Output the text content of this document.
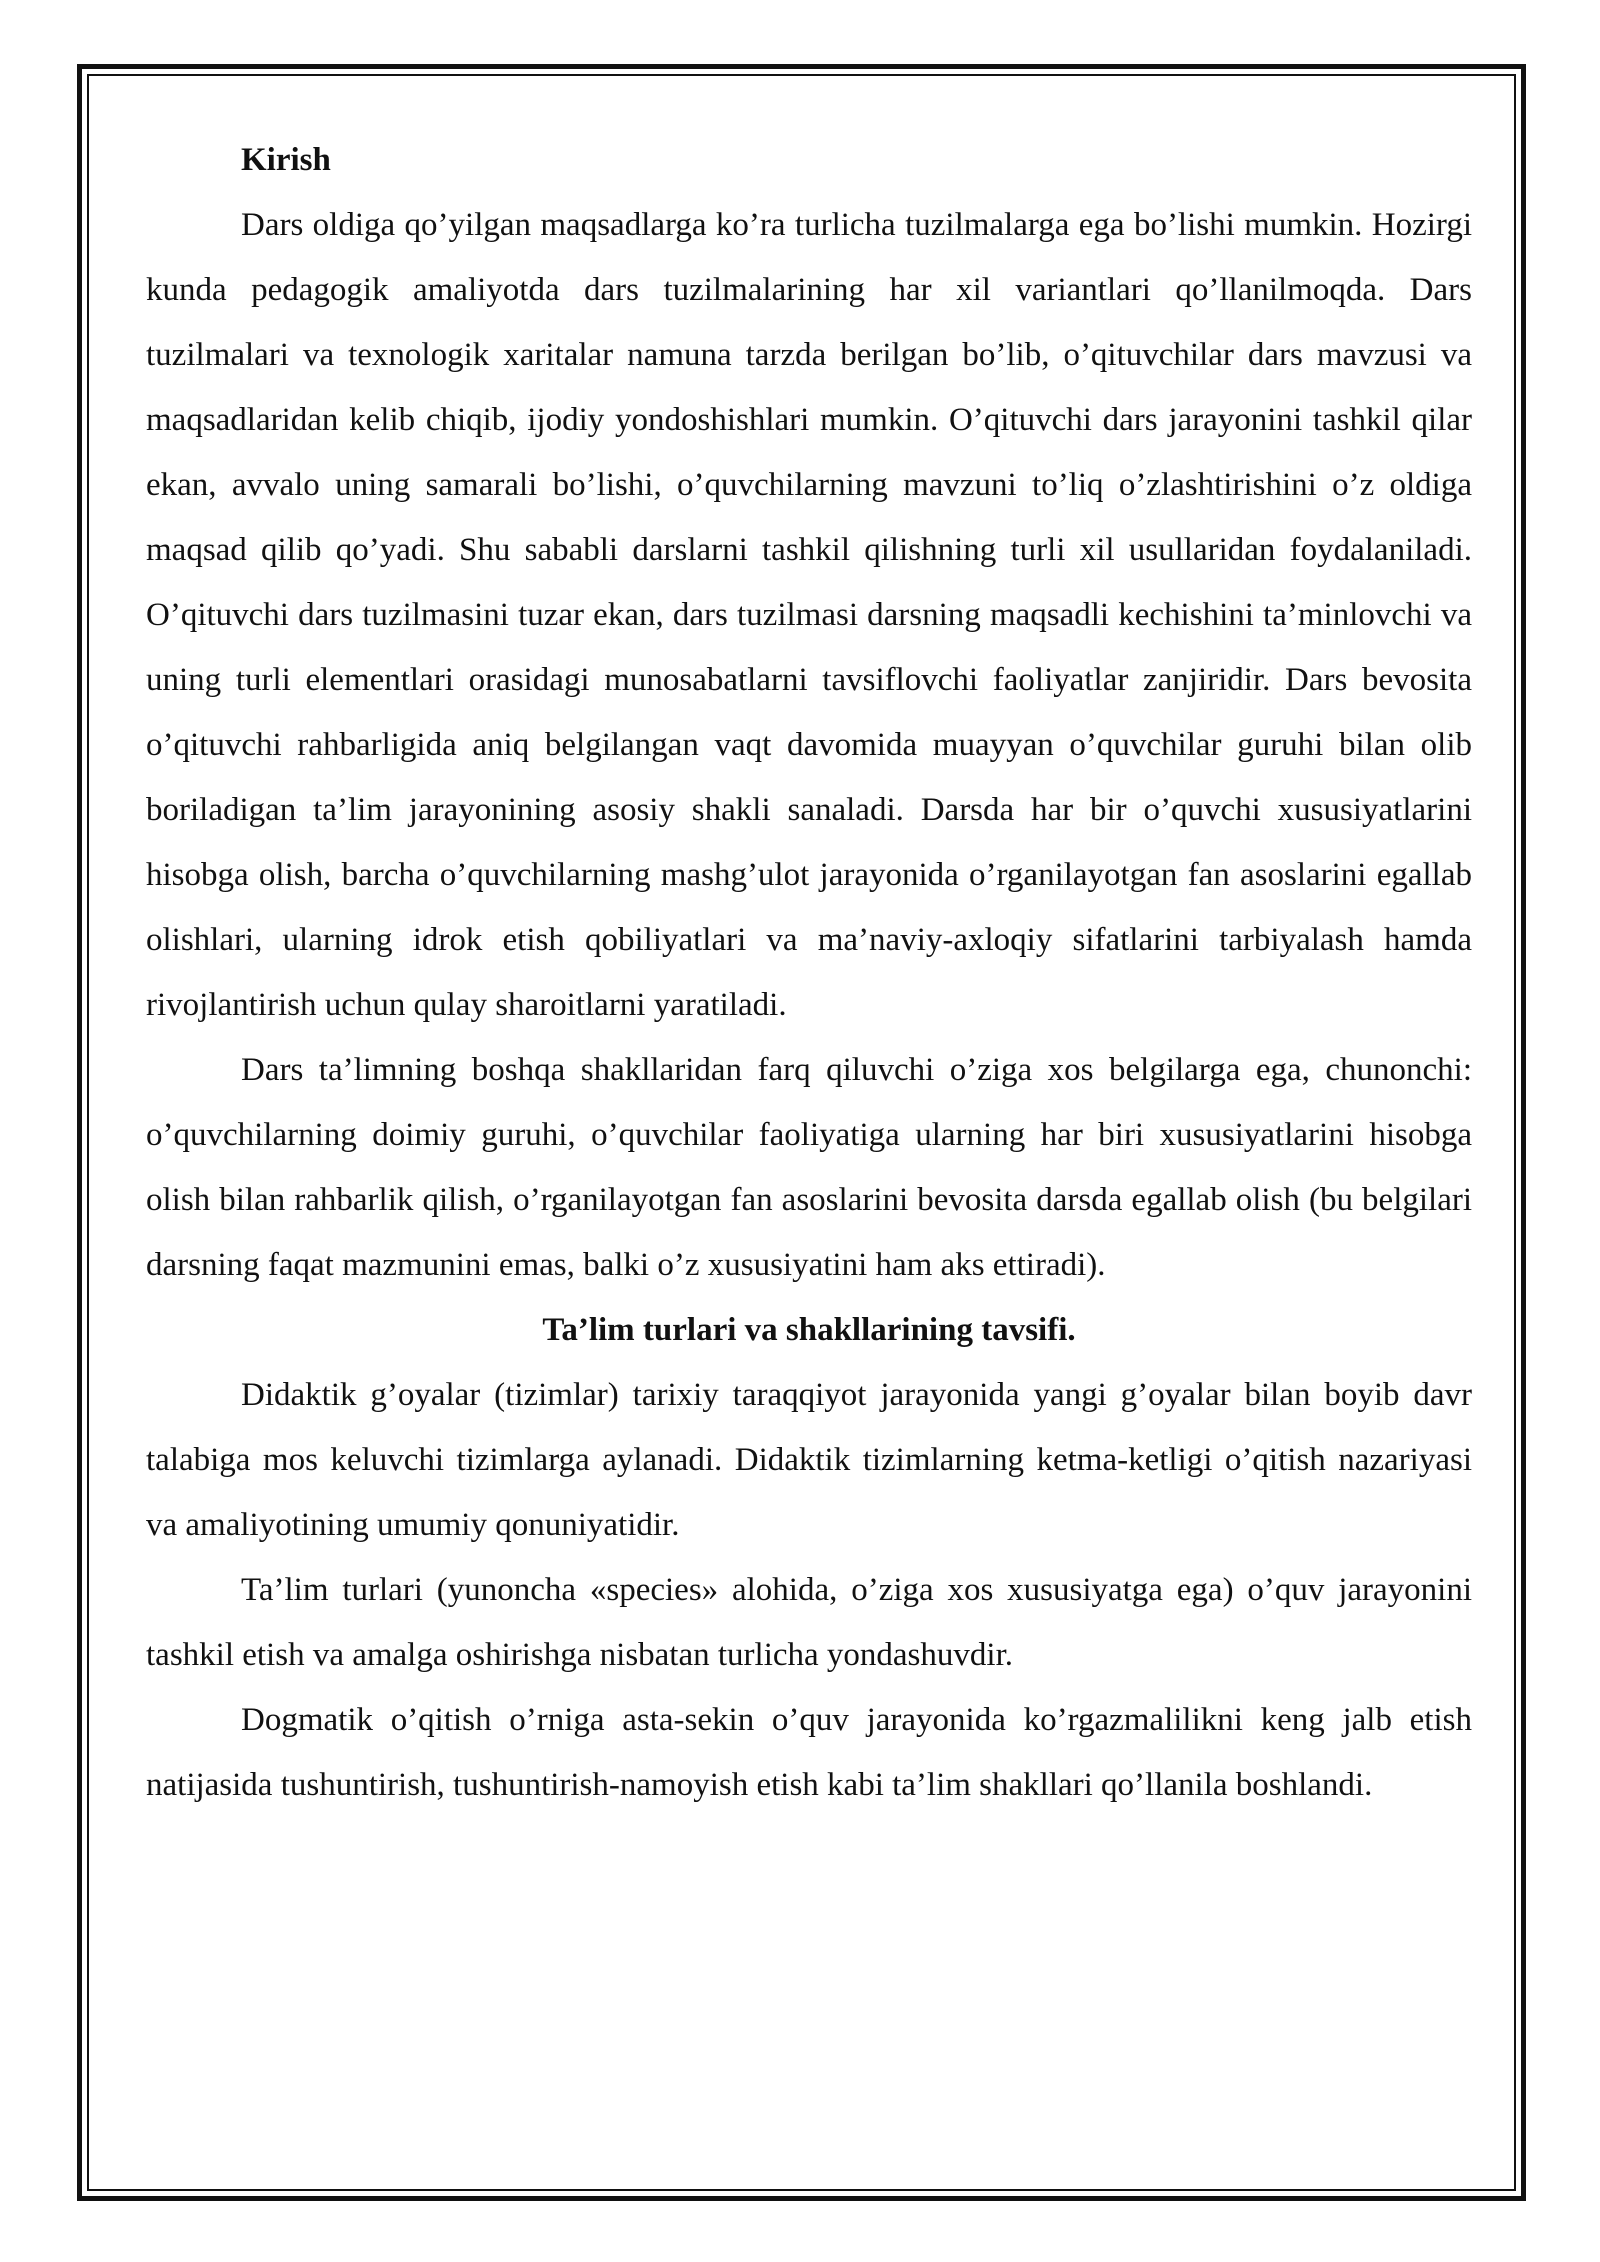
Kirish

Dars oldiga qo’yilgan maqsadlarga ko’ra turlicha tuzilmalarga ega bo’lishi mumkin. Hozirgi kunda pedagogik amaliyotda dars tuzilmalarining har xil variantlari qo’llanilmoqda. Dars tuzilmalari va texnologik xaritalar namuna tarzda berilgan bo’lib, o’qituvchilar dars mavzusi va maqsadlaridan kelib chiqib, ijodiy yondoshishlari mumkin. O’qituvchi dars jarayonini tashkil qilar ekan, avvalo uning samarali bo’lishi, o’quvchilarning mavzuni to’liq o’zlashtirishini o’z oldiga maqsad qilib qo’yadi. Shu sababli darslarni tashkil qilishning turli xil usullaridan foydalaniladi. O’qituvchi dars tuzilmasini tuzar ekan, dars tuzilmasi darsning maqsadli kechishini ta’minlovchi va uning turli elementlari orasidagi munosabatlarni tavsiflovchi faoliyatlar zanjiridir. Dars bevosita o’qituvchi rahbarligida aniq belgilangan vaqt davomida muayyan o’quvchilar guruhi bilan olib boriladigan ta’lim jarayonining asosiy shakli sanaladi. Darsda har bir o’quvchi xususiyatlarini hisobga olish, barcha o’quvchilarning mashg’ulot jarayonida o’rganilayotgan fan asoslarini egallab olishlari, ularning idrok etish qobiliyatlari va ma’naviy-axloqiy sifatlarini tarbiyalash hamda rivojlantirish uchun qulay sharoitlarni yaratiladi.

Dars ta’limning boshqa shakllaridan farq qiluvchi o’ziga xos belgilarga ega, chunonchi: o’quvchilarning doimiy guruhi, o’quvchilar faoliyatiga ularning har biri xususiyatlarini hisobga olish bilan rahbarlik qilish, o’rganilayotgan fan asoslarini bevosita darsda egallab olish (bu belgilari darsning faqat mazmunini emas, balki o’z xususiyatini ham aks ettiradi).

Ta’lim turlari va shakllarining tavsifi.

Didaktik g’oyalar (tizimlar) tarixiy taraqqiyot jarayonida yangi g’oyalar bilan boyib davr talabiga mos keluvchi tizimlarga aylanadi. Didaktik tizimlarning ketma-ketligi o’qitish nazariyasi va amaliyotining umumiy qonuniyatidir.

Ta’lim turlari (yunoncha «species» alohida, o’ziga xos xususiyatga ega) o’quv jarayonini tashkil etish va amalga oshirishga nisbatan turlicha yondashuvdir.

Dogmatik o’qitish o’rniga asta-sekin o’quv jarayonida ko’rgazmalilikni keng jalb etish natijasida tushuntirish, tushuntirish-namoyish etish kabi ta’lim shakllari qo’llanila boshlandi.
